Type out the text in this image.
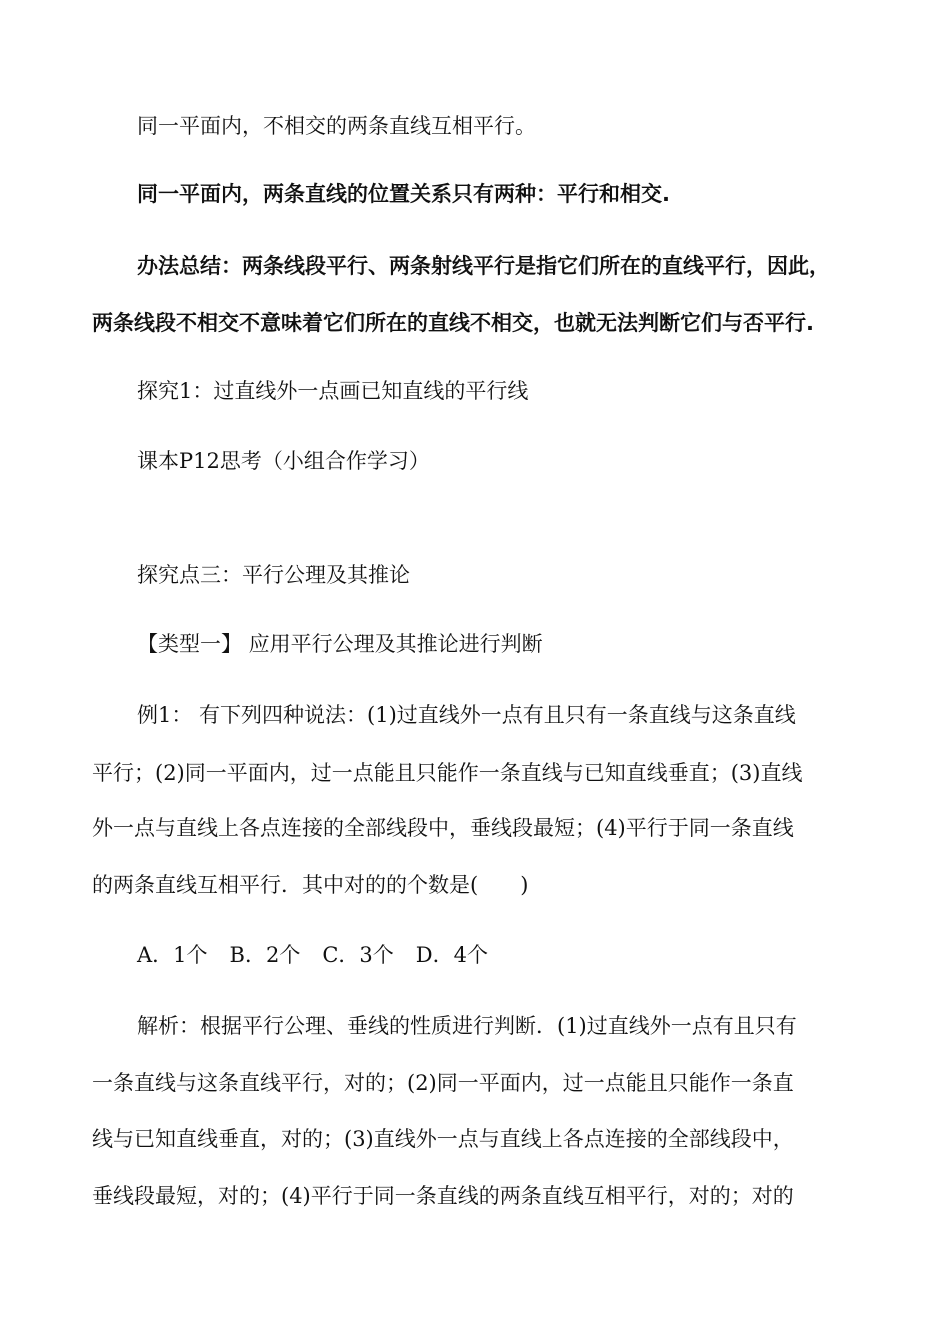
同一平面内，不相交的两条直线互相平行。

同一平面内，两条直线的位置关系只有两种：平行和相交.

办法总结：两条线段平行、两条射线平行是指它们所在的直线平行，因此，

两条线段不相交不意味着它们所在的直线不相交，也就无法判断它们与否平行.

探究1：过直线外一点画已知直线的平行线

课本P12思考（小组合作学习）

探究点三：平行公理及其推论

【类型一】 应用平行公理及其推论进行判断

例1： 有下列四种说法：(1)过直线外一点有且只有一条直线与这条直线

平行；(2)同一平面内，过一点能且只能作一条直线与已知直线垂直；(3)直线

外一点与直线上各点连接的全部线段中，垂线段最短；(4)平行于同一条直线

的两条直线互相平行．其中对的的个数是(　　)

A．1个 B．2个 C．3个 D．4个

解析：根据平行公理、垂线的性质进行判断．(1)过直线外一点有且只有

一条直线与这条直线平行，对的；(2)同一平面内，过一点能且只能作一条直

线与已知直线垂直，对的；(3)直线外一点与直线上各点连接的全部线段中，

垂线段最短，对的；(4)平行于同一条直线的两条直线互相平行，对的；对的
